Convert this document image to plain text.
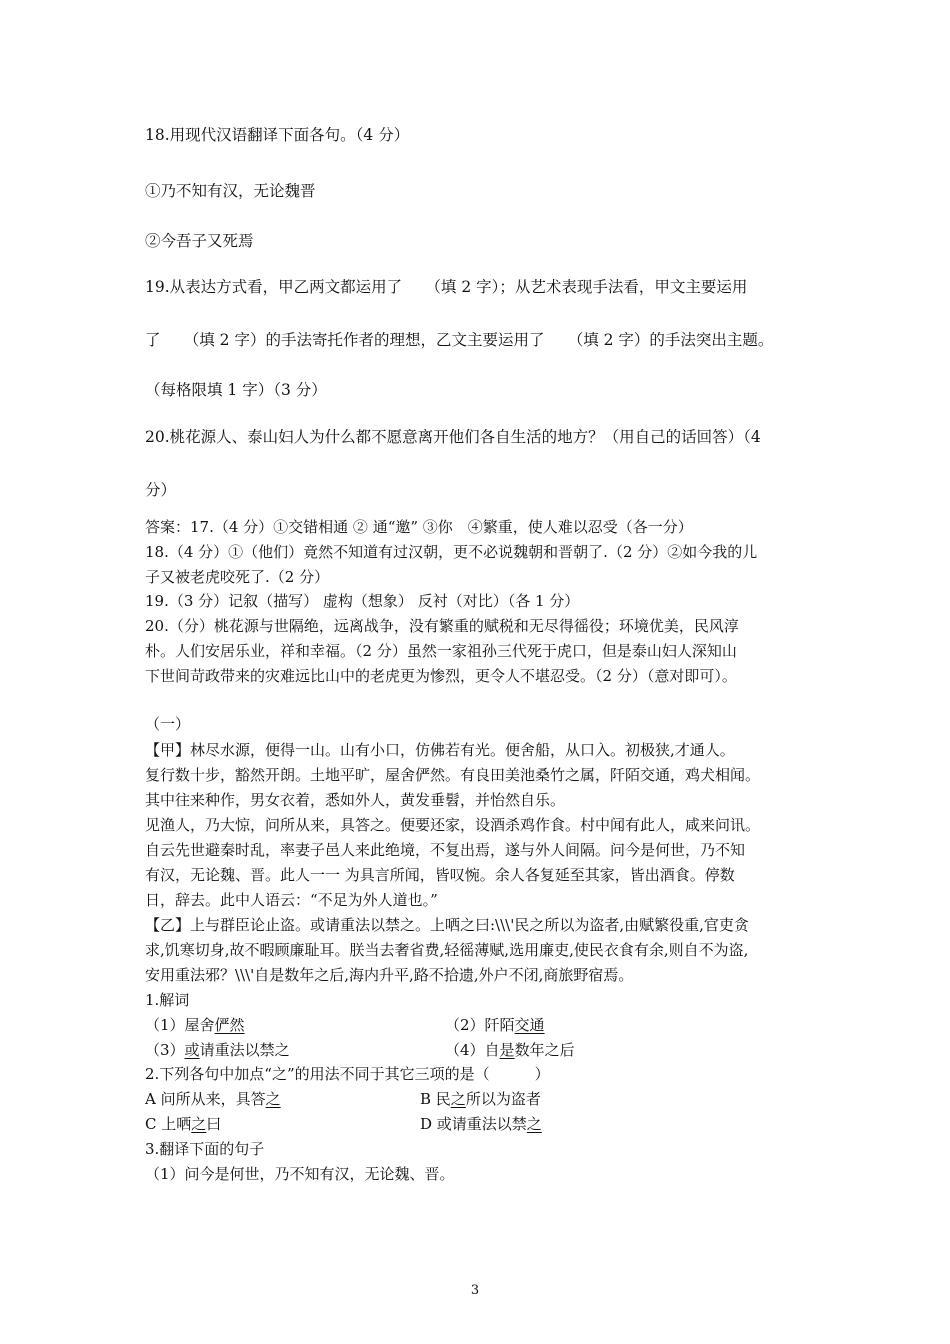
18.用现代汉语翻译下面各句。（4 分）
①乃不知有汉，无论魏晋
②今吾子又死焉
19.从表达方式看，甲乙两文都运用了　　（填 2 字）；从艺术表现手法看，甲文主要运用
了　　（填 2 字）的手法寄托作者的理想，乙文主要运用了　　（填 2 字）的手法突出主题。
（每格限填 1 字）（3 分）
20.桃花源人、泰山妇人为什么都不愿意离开他们各自生活的地方？（用自己的话回答）（4
分）
答案：17.（4 分）①交错相通 ② 通“邀” ③你　④繁重，使人难以忍受（各一分）
18.（4 分）①（他们）竟然不知道有过汉朝，更不必说魏朝和晋朝了.（2 分）②如今我的儿
子又被老虎咬死了.（2 分）
19.（3 分）记叙（描写） 虚构（想象） 反衬（对比）（各 1 分）
20.（分）桃花源与世隔绝，远离战争，没有繁重的赋税和无尽得徭役；环境优美，民风淳
朴。人们安居乐业，祥和幸福。（2 分）虽然一家祖孙三代死于虎口，但是泰山妇人深知山
下世间苛政带来的灾难远比山中的老虎更为惨烈，更令人不堪忍受。（2 分）（意对即可）。
（一）
【甲】林尽水源，便得一山。山有小口，仿佛若有光。便舍船，从口入。初极狭,才通人。
复行数十步，豁然开朗。土地平旷，屋舍俨然。有良田美池桑竹之属，阡陌交通，鸡犬相闻。
其中往来种作，男女衣着，悉如外人，黄发垂髫，并怡然自乐。
见渔人，乃大惊，问所从来，具答之。便要还家，设酒杀鸡作食。村中闻有此人，咸来问讯。
自云先世避秦时乱，率妻子邑人来此绝境，不复出焉，遂与外人间隔。问今是何世，乃不知
有汉，无论魏、晋。此人一一 为具言所闻，皆叹惋。余人各复延至其家，皆出酒食。停数
日，辞去。此中人语云：“不足为外人道也。”
【乙】上与群臣论止盗。或请重法以禁之。上哂之曰:\\\'民之所以为盗者,由赋繁役重,官吏贪
求,饥寒切身,故不暇顾廉耻耳。朕当去奢省费,轻徭薄赋,选用廉吏,使民衣食有余,则自不为盗,
安用重法邪？\\\'自是数年之后,海内升平,路不拾遗,外户不闭,商旅野宿焉。
1.解词
（1）屋舍俨然	（2）阡陌交通
（3）或请重法以禁之	（4）自是数年之后
2.下列各句中加点“之”的用法不同于其它三项的是（　　　）
A 问所从来，具答之	B 民之所以为盗者
C 上哂之曰	D 或请重法以禁之
3.翻译下面的句子
（1）问今是何世，乃不知有汉，无论魏、晋。
3
